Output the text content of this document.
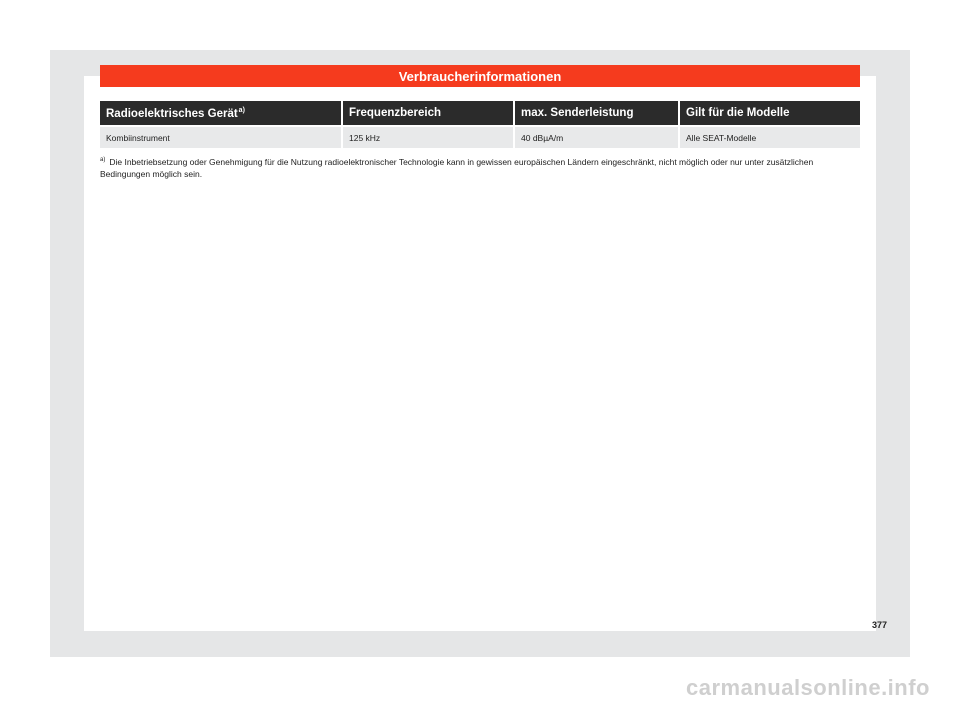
Verbraucherinformationen
Radioelektrisches Gerät$^{a)}$	Frequenzbereich	max. Senderleistung	Gilt für die Modelle
Kombiinstrument	125 kHz	40 dBµA/m	Alle SEAT-Modelle
$^{a)}$ Die Inbetriebsetzung oder Genehmigung für die Nutzung radioelektronischer Technologie kann in gewissen europäischen Ländern eingeschränkt, nicht möglich oder nur unter zusätzlichen Bedingungen möglich sein.
377
carmanualsonline.info
